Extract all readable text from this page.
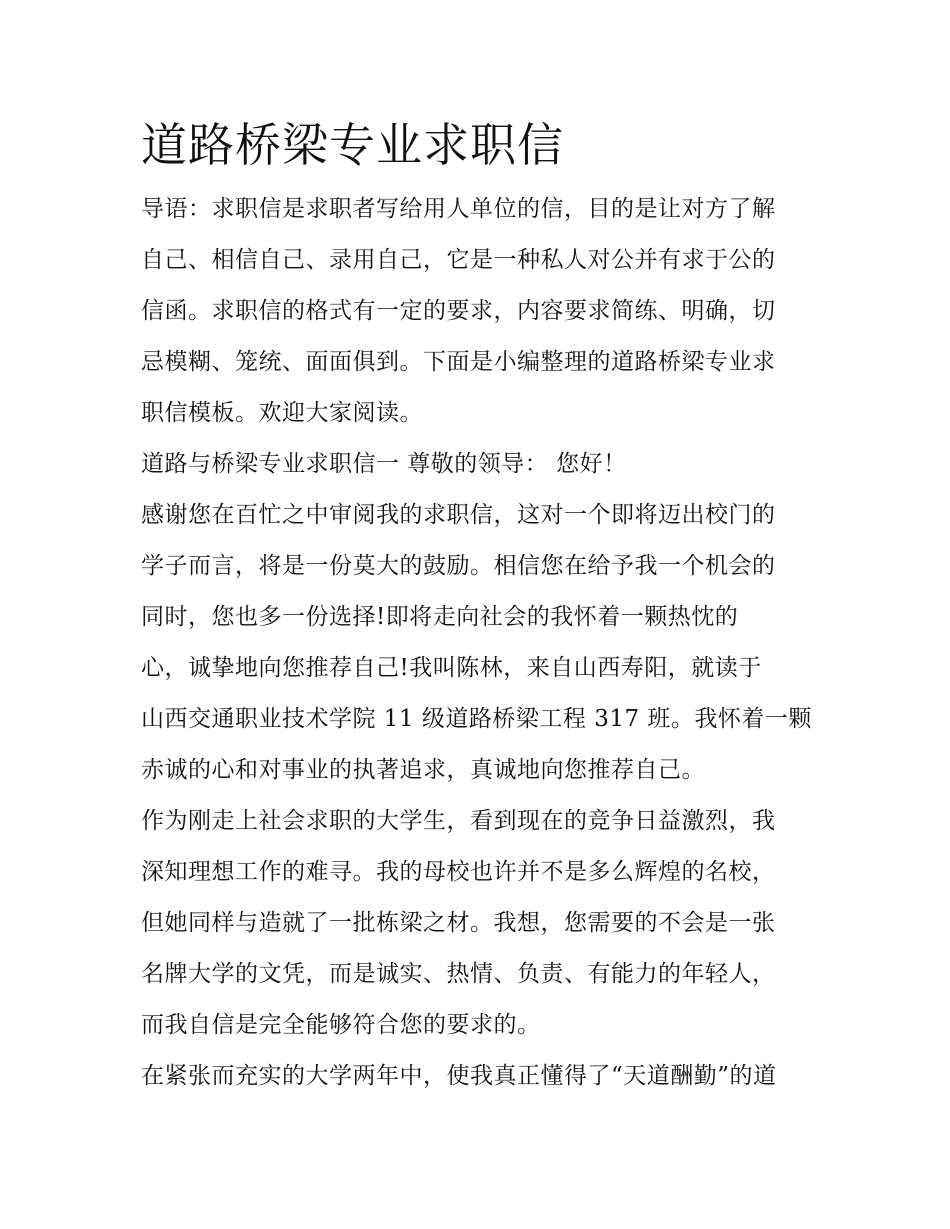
道路桥梁专业求职信
导语：求职信是求职者写给用人单位的信，目的是让对方了解
自己、相信自己、录用自己，它是一种私人对公并有求于公的
信函。求职信的格式有一定的要求，内容要求简练、明确，切
忌模糊、笼统、面面俱到。下面是小编整理的道路桥梁专业求
职信模板。欢迎大家阅读。
道路与桥梁专业求职信一 尊敬的领导： 您好！
感谢您在百忙之中审阅我的求职信，这对一个即将迈出校门的
学子而言，将是一份莫大的鼓励。相信您在给予我一个机会的
同时，您也多一份选择!即将走向社会的我怀着一颗热忱的
心，诚挚地向您推荐自己!我叫陈林，来自山西寿阳，就读于
山西交通职业技术学院 11 级道路桥梁工程 317 班。我怀着一颗
赤诚的心和对事业的执著追求，真诚地向您推荐自己。
作为刚走上社会求职的大学生，看到现在的竞争日益激烈，我
深知理想工作的难寻。我的母校也许并不是多么辉煌的名校，
但她同样与造就了一批栋梁之材。我想，您需要的不会是一张
名牌大学的文凭，而是诚实、热情、负责、有能力的年轻人，
而我自信是完全能够符合您的要求的。
在紧张而充实的大学两年中，使我真正懂得了“天道酬勤”的道
